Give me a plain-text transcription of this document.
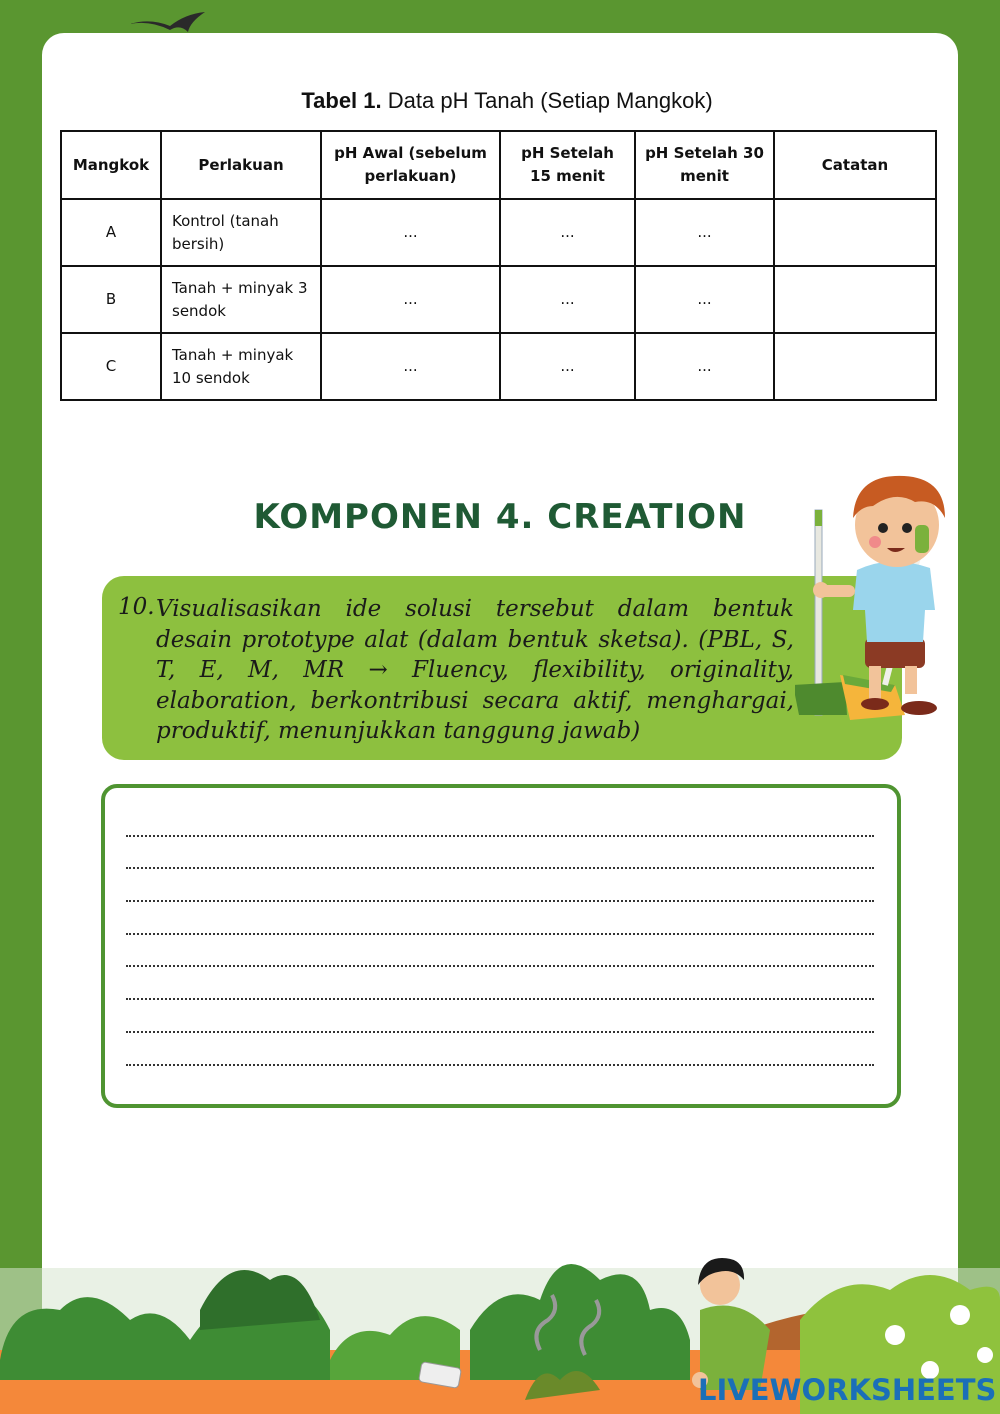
Tabel 1. Data pH Tanah (Setiap Mangkok)
Mangkok	Perlakuan	pH Awal (sebelum perlakuan)	pH Setelah 15 menit	pH Setelah 30 menit	Catatan
A	Kontrol (tanah bersih)	...	...	...	
B	Tanah + minyak 3 sendok	...	...	...	
C	Tanah + minyak 10 sendok	...	...	...	
KOMPONEN 4. CREATION
10. Visualisasikan ide solusi tersebut dalam bentuk desain prototype alat (dalam bentuk sketsa). (PBL, S, T, E, M, MR → Fluency, flexibility, originality, elaboration, berkontribusi secara aktif, menghargai, produktif, menunjukkan tanggung jawab)
LIVEWORKSHEETS
